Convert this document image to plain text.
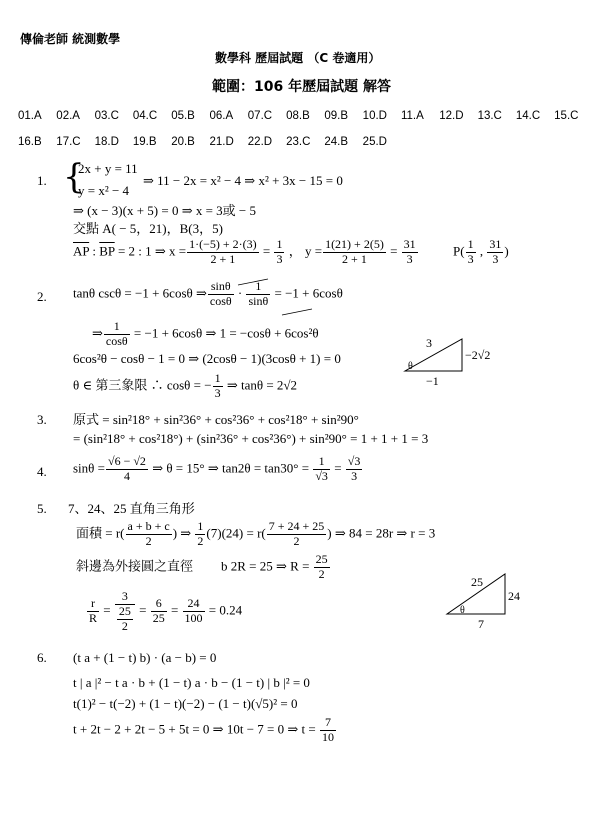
傳倫老師 統測數學
數學科 歷屆試題 （C 卷適用）
範圍：106 年歷屆試題 解答
01.A 02.A 03.C 04.C 05.B 06.A 07.C 08.B 09.B 10.D 11.A 12.D 13.C 14.C 15.C
16.B 17.C 18.D 19.B 20.B 21.D 22.D 23.C 24.B 25.D
1. {
2x + y = 11
y = x² − 4
⇒ 11 − 2x = x² − 4 ⇒ x² + 3x − 15 = 0
⇒ (x − 3)(x + 5) = 0 ⇒ x = 3或 − 5
交點 A( − 5，21)，B(3，5)
$\overline{AP}$ : $\overline{BP} = 2$ : 1 ⇒ $x = \frac{1\cdot(-5) + 2\cdot(3)}{2 + 1} = \frac{1}{3}$ ， $y = \frac{1(21) + 2(5)}{2 + 1} = \frac{31}{3}$	$P( \frac{1}{3}$ , $\frac{31}{3}$ )
2. tanθ cscθ = −1 + 6cosθ ⇒ $\frac{\sin\theta}{\cos\theta} \cdot \frac{1}{\sin\theta} = -1 + 6\cos\theta$
⇒ $\frac{1}{\cos\theta} = -1 + 6\cos\theta$ ⇒ 1 = −cosθ + 6cos²θ
6cos²θ − cosθ − 1 = 0 ⇒ (2cosθ − 1)(3cosθ + 1) = 0
θ ∈ 第三象限 ∴ cosθ = − $\frac{1}{3}$ ⇒ tanθ = 2√2
3
−2√2
−1
θ
3. 原式 = sin²18° + sin²36° + cos²36° + cos²18° + sin²90°
= (sin²18° + cos²18°) + (sin²36° + cos²36°) + sin²90° = 1 + 1 + 1 = 3
4. $\sin\theta = \frac{√6 - √2}{4}$ ⇒ θ = 15° ⇒ $\tan 2\theta = \tan 30^\circ = \frac{1}{√3} = \frac{√3}{3}$
5. 7、24、25 直角三角形
面積 = $r( \frac{a + b + c}{2}$ ) ⇒ $\frac{1}{2} (7)(24) = r( \frac{7 + 24 + 25}{2}$ ) ⇒ 84 = 28r ⇒ r = 3
斜邊為外接圓之直徑 b 2R = 25 ⇒ $R = \frac{25}{2}$
$\frac{r}{R} = \frac{3}{\frac{25}{2}} = \frac{6}{25} = \frac{24}{100} = 0.24$
25
24
7
θ
6. (t a + (1 − t) b) · (a − b) = 0
t | a |² − t a · b + (1 − t) a · b − (1 − t) | b |² = 0
t(1)² − t(−2) + (1 − t)(−2) − (1 − t)(√5)² = 0
t + 2t − 2 + 2t − 5 + 5t = 0 ⇒ 10t − 7 = 0 ⇒ $t = \frac{7}{10}$
